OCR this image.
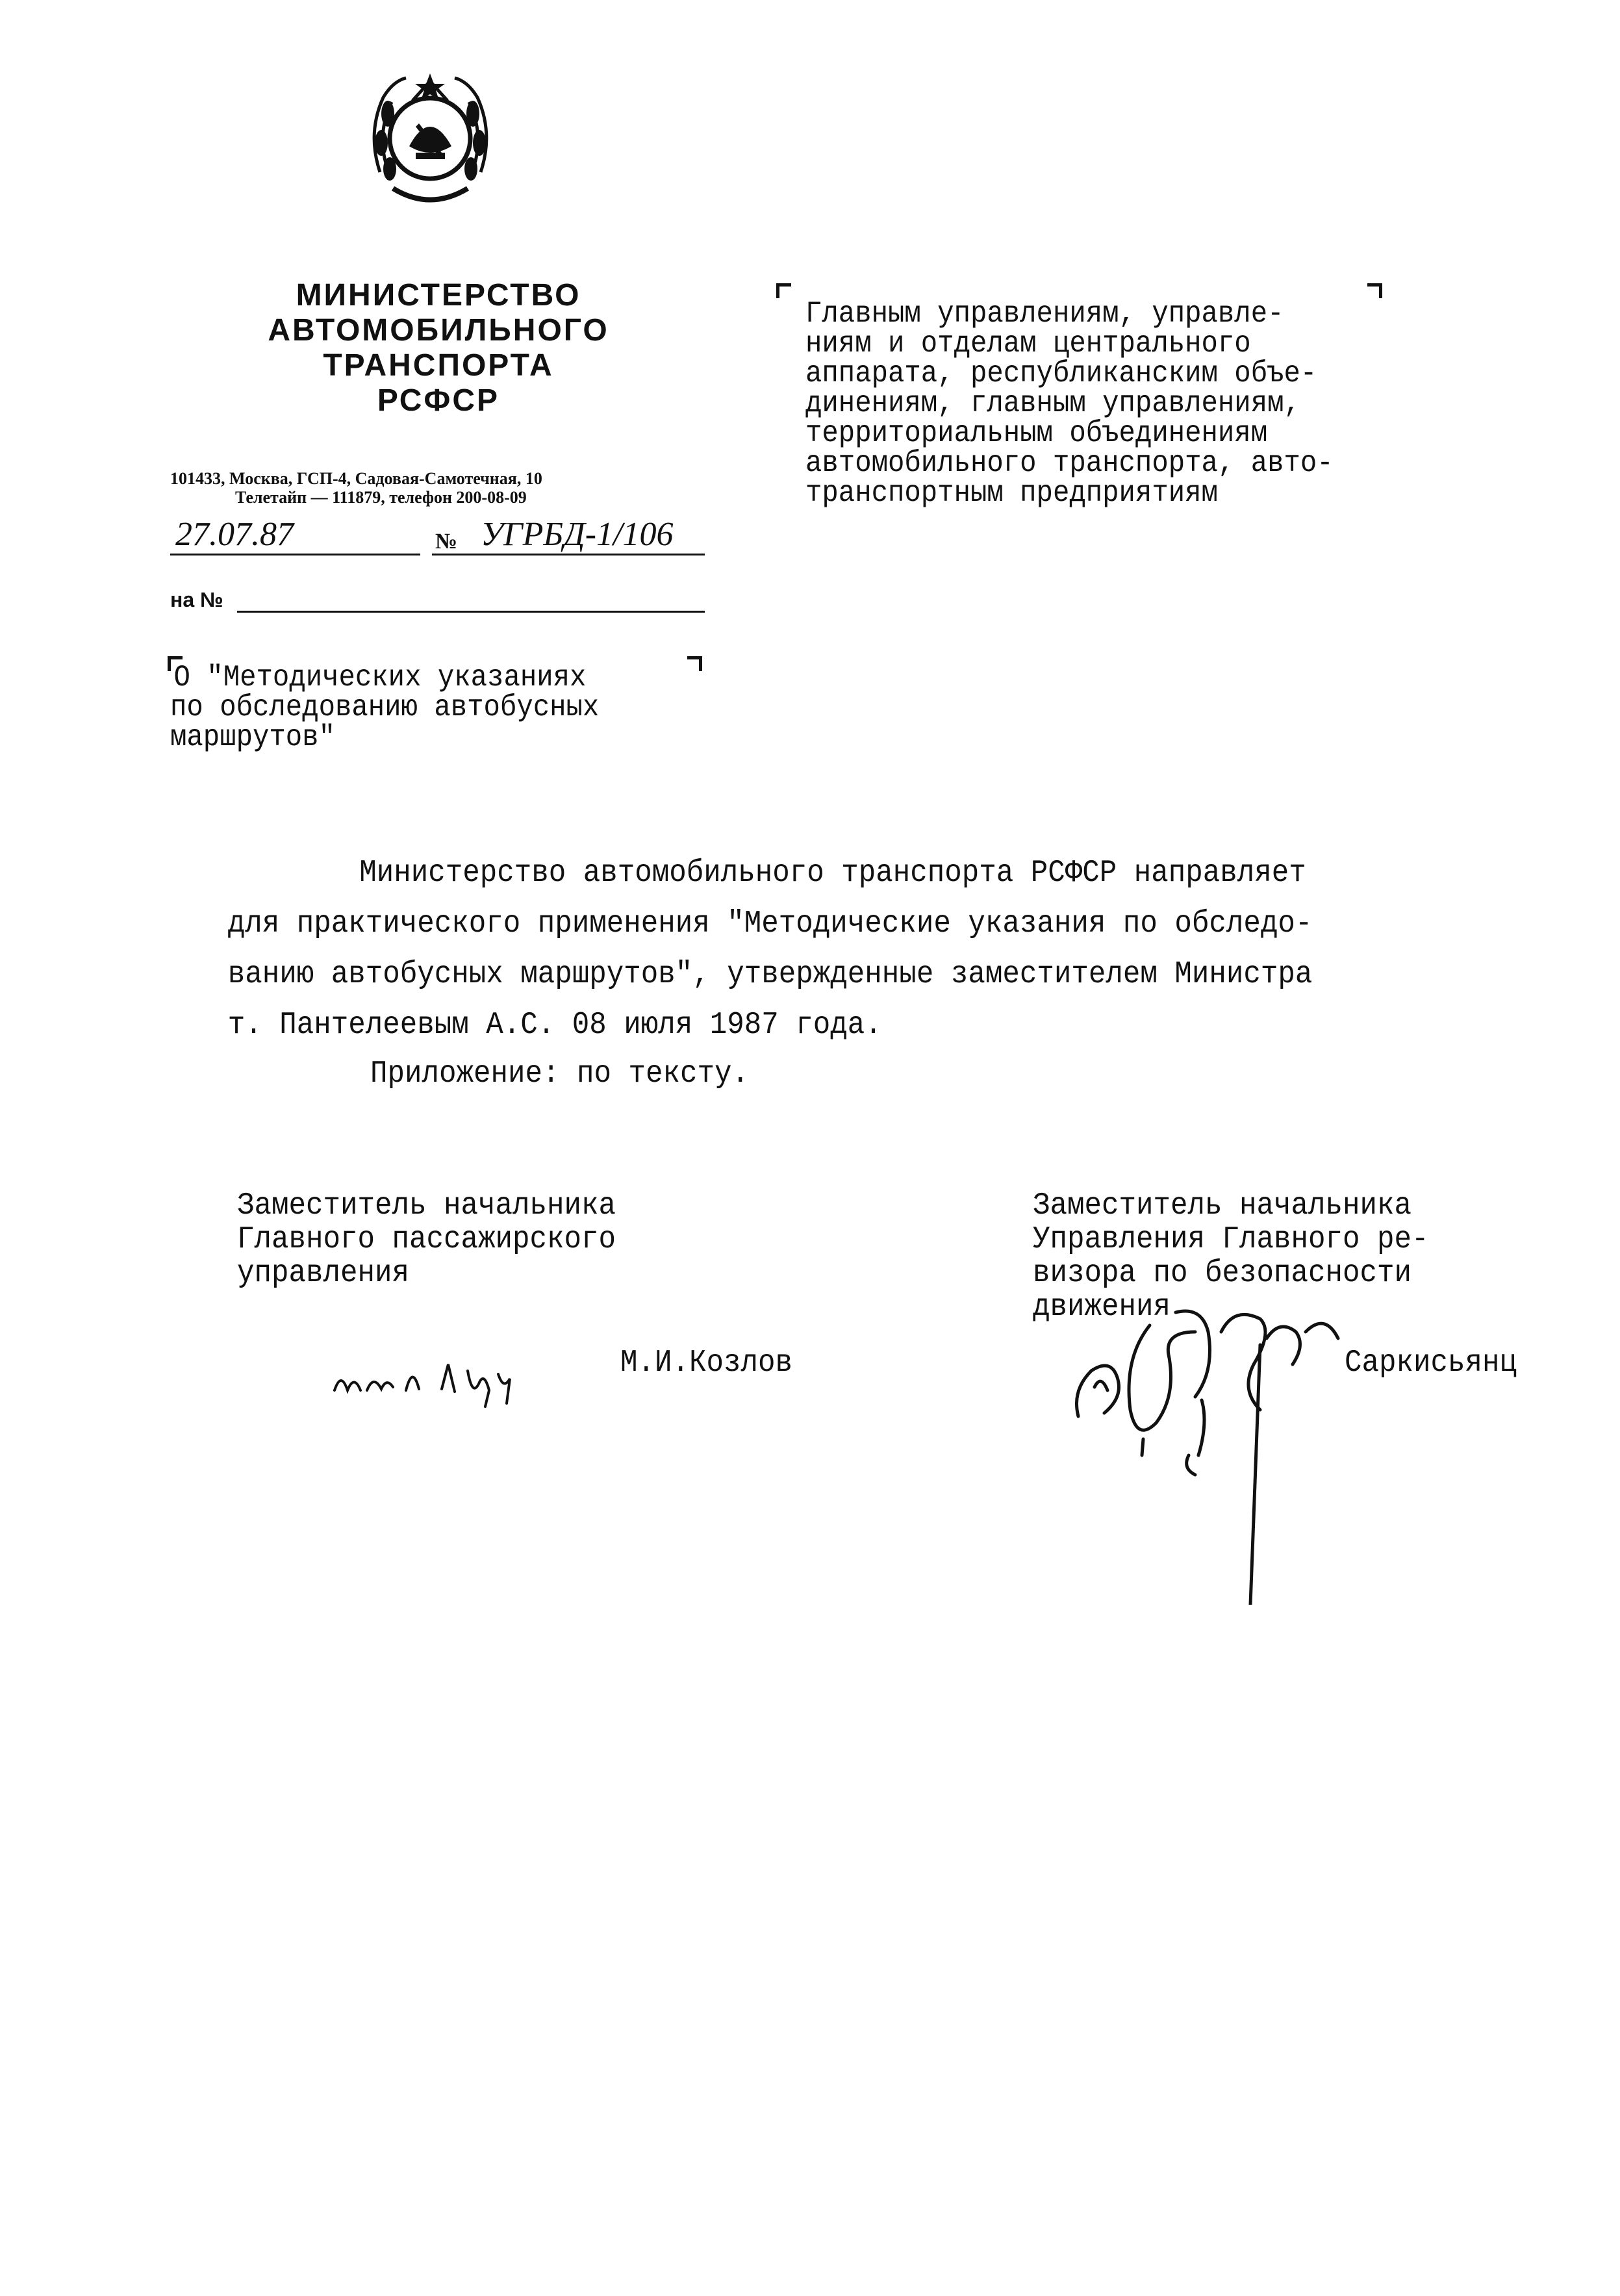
МИНИСТЕРСТВО
АВТОМОБИЛЬНОГО
ТРАНСПОРТА
РСФСР
101433, Москва, ГСП-4, Садовая-Самотечная, 10
Телетайп — 111879, телефон 200-08-09
27.07.87	№ УГРБД-1/106
на №
Главным управлениям, управле-
ниям и отделам центрального
аппарата, республиканским объе-
динениям, главным управлениям,
территориальным объединениям
автомобильного транспорта, авто-
транспортным предприятиям
О "Методических указаниях
по обследованию автобусных
маршрутов"
Министерство автомобильного транспорта РСФСР направляет
для практического применения "Методические указания по обследо-
ванию автобусных маршрутов", утвержденные заместителем Министра
т. Пантелеевым А.С. 08 июля 1987 года.
Приложение: по тексту.
Заместитель начальника
Главного пассажирского
управления
М.И.Козлов
Заместитель начальника
Управления Главного ре-
визора по безопасности
движения
Саркисьянц
